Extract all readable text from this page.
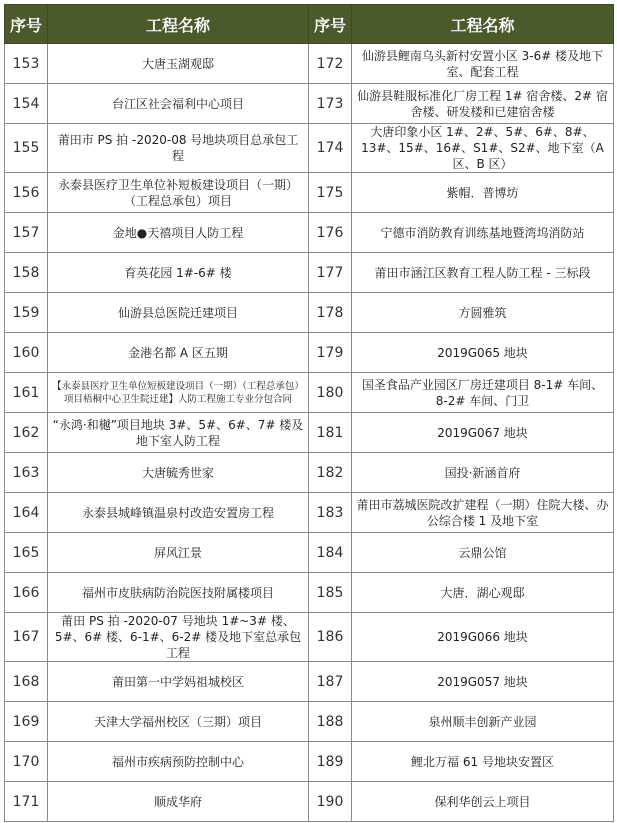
序号	工程名称	序号	工程名称
153	大唐玉湖观邸	172	仙游县鲤南乌头新村安置小区 3-6# 楼及地下室、配套工程
154	台江区社会福利中心项目	173	仙游县鞋服标准化厂房工程 1# 宿舍楼、2# 宿舍楼、研发楼和已建宿舍楼
155	莆田市 PS 拍 -2020-08 号地块项目总承包工程	174	大唐印象小区 1#、2#、5#、6#、8#、13#、15#、16#、S1#、S2#、地下室（A 区、B 区）
156	永泰县医疗卫生单位补短板建设项目（一期）（工程总承包）项目	175	紫帽．普博坊
157	金地●天禧项目人防工程	176	宁德市消防教育训练基地暨湾坞消防站
158	育英花园 1#-6# 楼	177	莆田市涵江区教育工程人防工程 - 三标段
159	仙游县总医院迁建项目	178	方圆雅筑
160	金港名都 A 区五期	179	2019G065 地块
161	【永泰县医疗卫生单位短板建设项目（一期）（工程总承包）项目梧桐中心卫生院迁建】人防工程施工专业分包合同	180	国圣食品产业园区厂房迁建项目 8-1# 车间、8-2# 车间、门卫
162	“永鸿·和樾”项目地块 3#、5#、6#、7# 楼及地下室人防工程	181	2019G067 地块
163	大唐毓秀世家	182	国投·新涵首府
164	永泰县城峰镇温泉村改造安置房工程	183	莆田市荔城医院改扩建程（一期）住院大楼、办公综合楼 1 及地下室
165	屏风江景	184	云鼎公馆
166	福州市皮肤病防治院医技附属楼项目	185	大唐．湖心观邸
167	莆田 PS 拍 -2020-07 号地块 1#~3# 楼、5#、6# 楼、6-1#、6-2# 楼及地下室总承包工程	186	2019G066 地块
168	莆田第一中学妈祖城校区	187	2019G057 地块
169	天津大学福州校区（三期）项目	188	泉州顺丰创新产业园
170	福州市疾病预防控制中心	189	鲤北万福 61 号地块安置区
171	顺成华府	190	保利华创云上项目
